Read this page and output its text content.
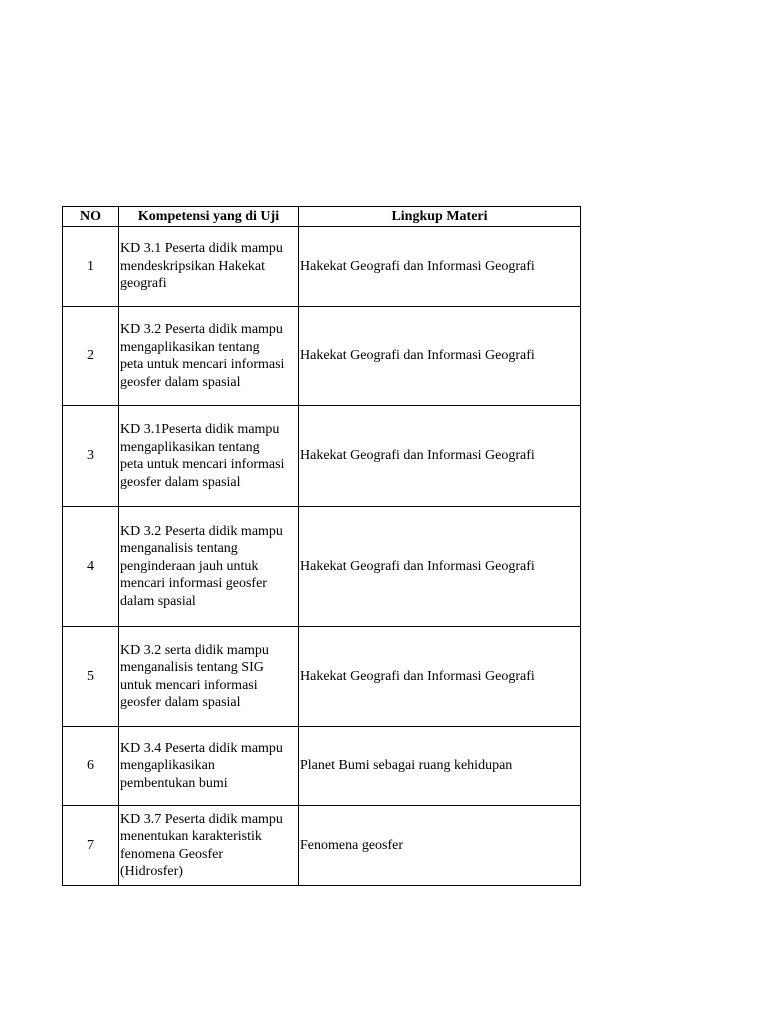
NO	Kompetensi yang di Uji	Lingkup Materi
1	KD 3.1 Peserta didik mampu
mendeskripsikan Hakekat
geografi	Hakekat Geografi dan Informasi Geografi
2	KD 3.2 Peserta didik mampu
mengaplikasikan tentang
peta untuk mencari informasi
geosfer dalam spasial	Hakekat Geografi dan Informasi Geografi
3	KD 3.1Peserta didik mampu
mengaplikasikan tentang
peta untuk mencari informasi
geosfer dalam spasial	Hakekat Geografi dan Informasi Geografi
4	KD 3.2 Peserta didik mampu
menganalisis tentang
penginderaan jauh untuk
mencari informasi geosfer
dalam spasial	Hakekat Geografi dan Informasi Geografi
5	KD 3.2 serta didik mampu
menganalisis tentang SIG
untuk mencari informasi
geosfer dalam spasial	Hakekat Geografi dan Informasi Geografi
6	KD 3.4 Peserta didik mampu
mengaplikasikan
pembentukan bumi	Planet Bumi sebagai ruang kehidupan
7	KD 3.7 Peserta didik mampu
menentukan karakteristik
fenomena Geosfer
(Hidrosfer)	Fenomena geosfer
